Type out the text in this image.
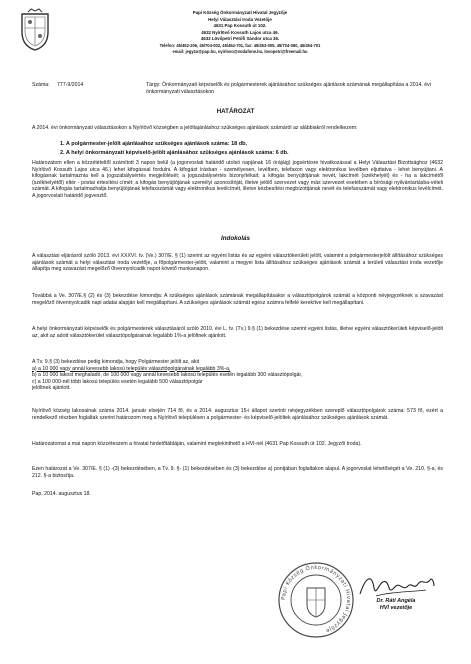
Papi Község Önkormányzati Hivatal Jegyzője
Helyi Választási Iroda Vezetője
4631 Pap Kossuth út 102.
4632 Nyírlövő Kossuth Lajos utca 46.
4633 Lövőpetri Petőfi Sándor utca 36.
Telefon: 45/452-206, 45/704-002, 45/454-701, fax: 45/453-005, 45/704-060, 45/454-701
email: jegyzo@pap.hu, nyirlovo@vodafone.hu, lovopetri@freemail.hu
Száma: 777-9/2014	Tárgy: Önkormányzati képviselők és polgármesterek ajánlásához szükséges ajánlások számának megállapítása a 2014. évi önkormányzati választásokon
HATÁROZAT
A 2014. évi önkormányzati választásokon a Nyírlövő községben a jelöltajánláshoz szükséges ajánlások számáról az alábbiakról rendelkezem:
1. A polgármester-jelölt ajánlásához szükséges ajánlások száma: 18 db,
2. A helyi önkormányzati képviselő-jelölt ajánlásához szükséges ajánlások száma: 6 db.
Határozatom ellen a közzétételtől számított 3 napon belül (a jogorvoslati határidő utolsó napjának 16 órájáig) jogsértésre hivatkozással a Helyi Választási Bizottsághoz (4632 Nyírlövő Kossuth Lajos utca 46.) lehet kifogással fordulni. A kifogást írásban - személyesen, levélben, telefaxon vagy elektronikus levélben eljuttatva - lehet benyújtani. A kifogásnak tartalmaznia kell a jogszabálysértés megjelölését; a jogszabálysértés bizonyítékait; a kifogás benyújtójának nevét, lakcímét (székhelyét) és - ha a lakcímétől (székhelyétől) eltér - postai értesítési címét; a kifogás benyújtójának személyi azonosítóját, illetve jelölő szervezet vagy más szervezet esetében a bírósági nyilvántartásba-vételi számát. A kifogás tartalmazhatja benyújtójának telefaxszámát vagy elektronikus levélcímét, illetve kézbesítési megbízottjának nevét és telefaxszámát vagy elektronikus levélcímét. A jogorvoslati határidő jogvesztő.
Indokolás
A választási eljárásról szóló 2013. évi XXXVI. tv. (Ve.) 307/E. § (1) szerint az egyéni listás és az egyéni választókerületi jelölt, valamint a polgármesterjelölt állításához szükséges ajánlások számát a helyi választási iroda vezetője, a főpolgármester-jelölt, valamint a megyei lista állításához szükséges ajánlások számát a területi választási iroda vezetője állapítja meg szavazást megelőző 0tvennyolcadik napot követő munkanapon.
Továbbá a Ve. 307/E.§ (2) és (3) bekezdése kimondja: A szükséges ajánlások számának megállapításakor a választópolgárok számát a központi névjegyzéknek a szavazást megelőző ötvennyolcadik napi adatai alapján kell megállapítani. A szükséges ajánlások számát egész számra felfelé kerekítve kell megállapítani.
A helyi önkormányzati képviselők és polgármesterek választásáról szóló 2010. évi L. tv. (Tv.) 9.§ (1) bekezdése szerint egyéni listás, illetve egyéni választókerületi képviselő-jelölt az, akit az adott választókerület választópolgárainak legalább 1%-a jelöltnek ajánlott.
A Tv. 9.§ (3) bekezdése pedig kimondja, hogy Polgármester jelölt az, akit
a) a 10 000 vagy annál kevesebb lakosú település választópolgárainak legalább 3%-a,
b) a 10 000 lakost meghaladó, de 100 000 vagy annál kevesebb lakosú település esetén legalább 300 választópolgár,
c) a 100 000-nél több lakosú település esetén legalább 500 választópolgár
jelöltnek ajánlott.
Nyírlövő község lakosainak száma 2014. január elsején 714 fő, és a 2014. augusztus 15-i állapot szerinti névjegyzékben szereplő választópolgárok száma: 573 fő, ezért a rendelkező részben foglaltak szerint határozom meg a Nyírlövő településen a polgármester- és képviselő-jelöltek ajánlásához szükséges ajánlások számát.
Határozatomat a mai napon közzéteszem a hivatal hirdetőtábláján, valamint megtekinthető a HVI-nél (4631 Pap Kossuth út 102. Jegyzői Iroda).
Ezen határozat a Ve. 307/E. § (1) -(3) bekezdésében, a Tv. 9. §- (1) bekezdésében és (3) bekezdése a) pontjában foglaltakon alapul. A jogorvoslat lehetőségét a Ve. 210. §-a, és 212. §-a biztosítja.
Pap, 2014. augusztus 18.
Papi Község Önkormányzati Hivatal Jegyzője
Dr. Ráti Angéla
HVI vezetője
